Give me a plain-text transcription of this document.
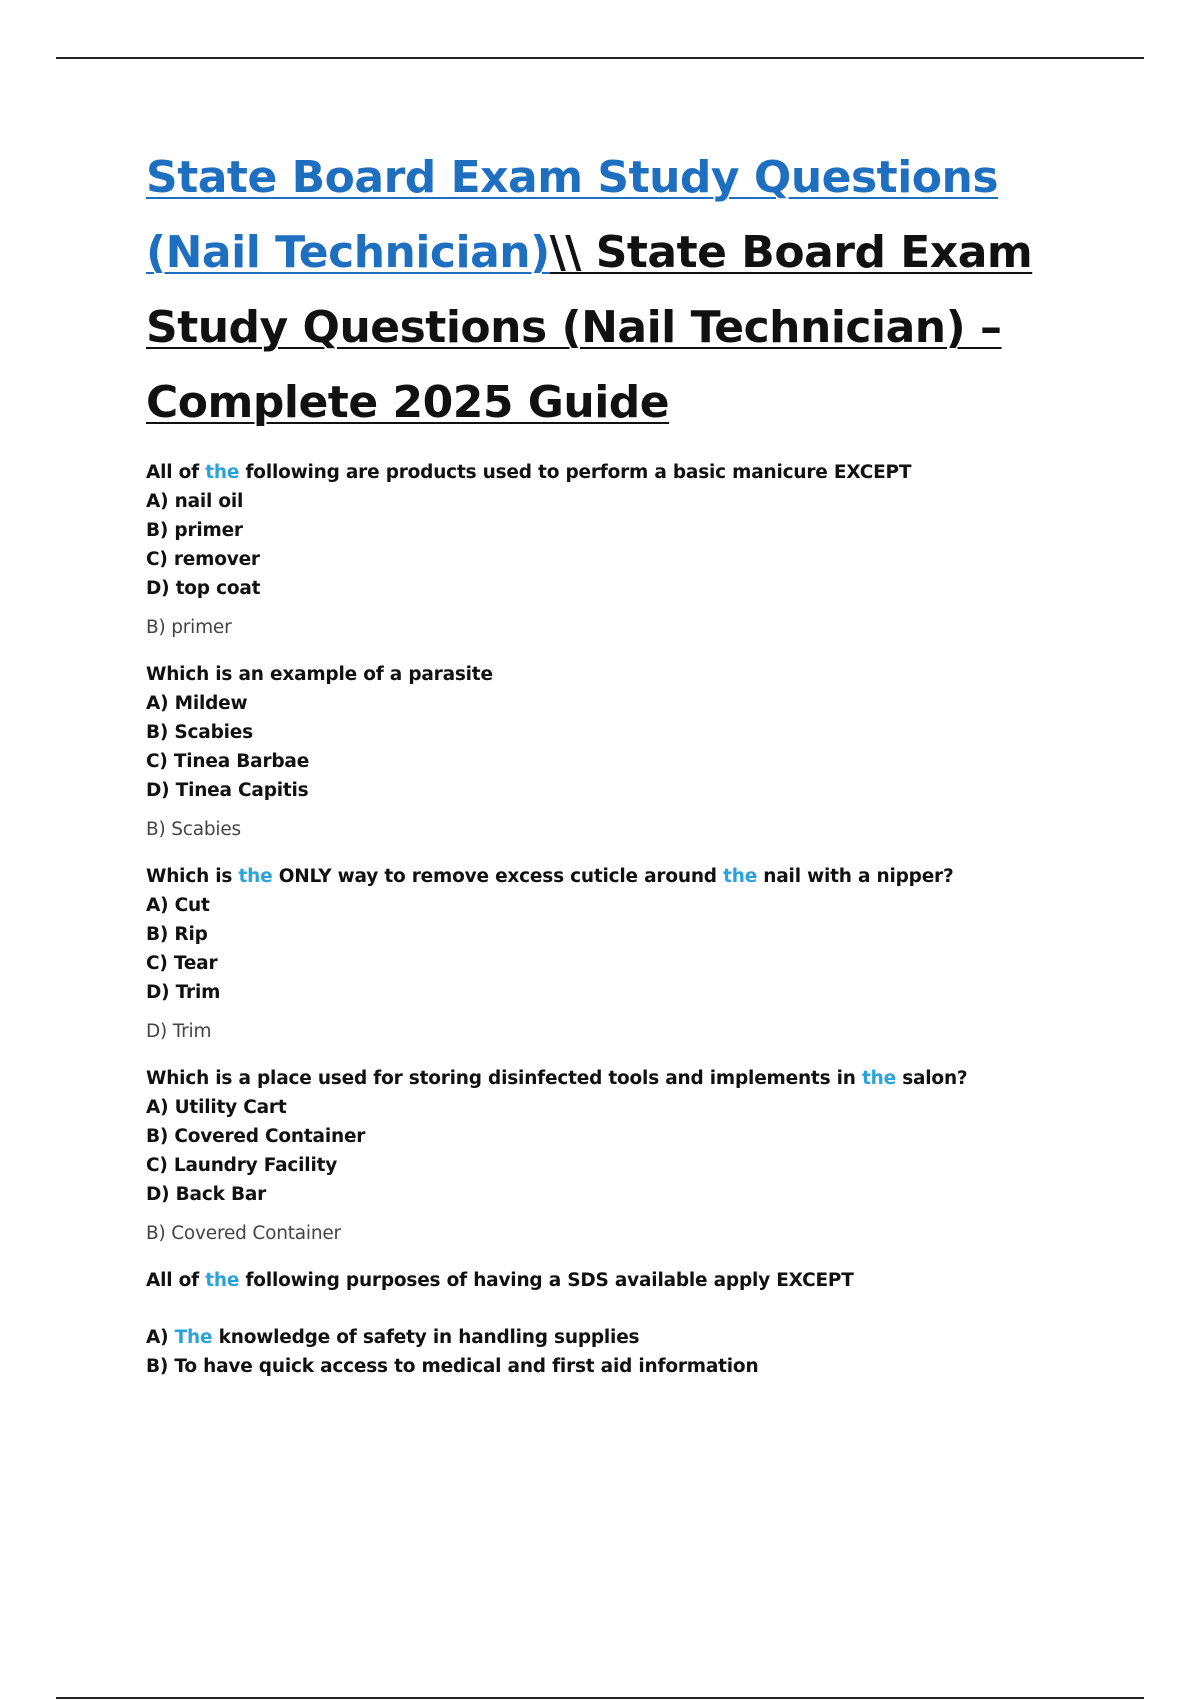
State Board Exam Study Questions (Nail Technician)\\ State Board Exam Study Questions (Nail Technician) – Complete 2025 Guide
All of the following are products used to perform a basic manicure EXCEPT
A) nail oil
B) primer
C) remover
D) top coat
B) primer
Which is an example of a parasite
A) Mildew
B) Scabies
C) Tinea Barbae
D) Tinea Capitis
B) Scabies
Which is the ONLY way to remove excess cuticle around the nail with a nipper?
A) Cut
B) Rip
C) Tear
D) Trim
D) Trim
Which is a place used for storing disinfected tools and implements in the salon?
A) Utility Cart
B) Covered Container
C) Laundry Facility
D) Back Bar
B) Covered Container
All of the following purposes of having a SDS available apply EXCEPT
A) The knowledge of safety in handling supplies
B) To have quick access to medical and first aid information
